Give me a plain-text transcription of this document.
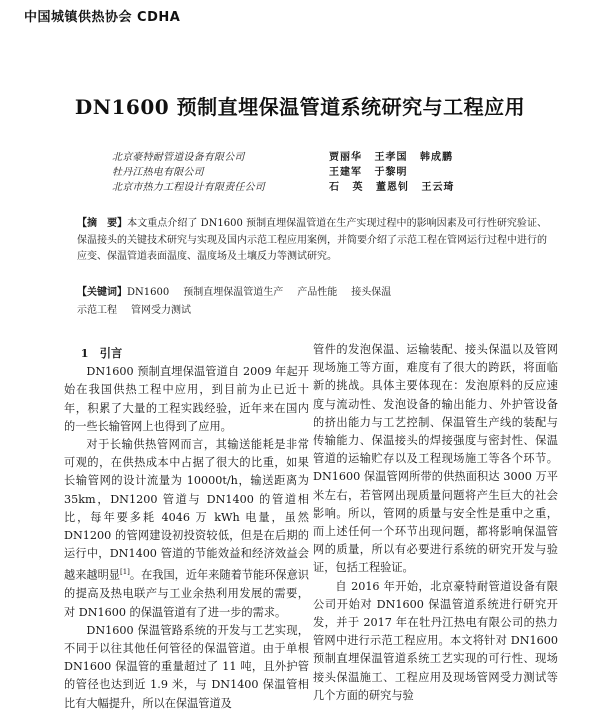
中国城镇供热协会 CDHA
DN1600 预制直埋保温管道系统研究与工程应用
北京豪特耐管道设备有限公司	贾丽华 王孝国 韩成鹏
牡丹江热电有限公司	王建军 于黎明
北京市热力工程设计有限责任公司	石 英 董恩钊 王云琦
【摘　要】本文重点介绍了 DN1600 预制直埋保温管道在生产实现过程中的影响因素及可行性研究验证、保温接头的关键技术研究与实现及国内示范工程应用案例，并简要介绍了示范工程在管网运行过程中进行的应变、保温管道表面温度、温度场及土壤反力等测试研究。
【关键词】DN1600 预制直埋保温管道生产 产品性能 接头保温
示范工程 管网受力测试
1　引言

DN1600 预制直埋保温管道自 2009 年起开始在我国供热工程中应用，到目前为止已近十年，积累了大量的工程实践经验，近年来在国内的一些长输管网上也得到了应用。

对于长输供热管网而言，其输送能耗是非常可观的，在供热成本中占据了很大的比重，如果长输管网的设计流量为 10000t/h，输送距离为 35km，DN1200 管道与 DN1400 的管道相比，每年要多耗 4046 万 kWh 电量，虽然 DN1200 的管网建设初投资较低，但是在后期的运行中，DN1400 管道的节能效益和经济效益会越来越明显[1]。在我国，近年来随着节能环保意识的提高及热电联产与工业余热利用发展的需要，对 DN1600 的保温管道有了进一步的需求。

DN1600 保温管路系统的开发与工艺实现，不同于以往其他任何管径的保温管道。由于单根 DN1600 保温管的重量超过了 11 吨，且外护管的管径也达到近 1.9 米，与 DN1400 保温管相比有大幅提升，所以在保温管道及

管件的发泡保温、运输装配、接头保温以及管网现场施工等方面，难度有了很大的跨跃，将面临新的挑战。具体主要体现在：发泡原料的反应速度与流动性、发泡设备的输出能力、外护管设备的挤出能力与工艺控制、保温管生产线的装配与传输能力、保温接头的焊接强度与密封性、保温管道的运输贮存以及工程现场施工等各个环节。DN1600 保温管网所带的供热面积达 3000 万平米左右，若管网出现质量问题将产生巨大的社会影响。所以，管网的质量与安全性是重中之重，而上述任何一个环节出现问题，都将影响保温管网的质量，所以有必要进行系统的研究开发与验证，包括工程验证。

自 2016 年开始，北京豪特耐管道设备有限公司开始对 DN1600 保温管道系统进行研究开发，并于 2017 年在牡丹江热电有限公司的热力管网中进行示范工程应用。本文将针对 DN1600 预制直埋保温管道系统工艺实现的可行性、现场接头保温施工、工程应用及现场管网受力测试等几个方面的研究与验
